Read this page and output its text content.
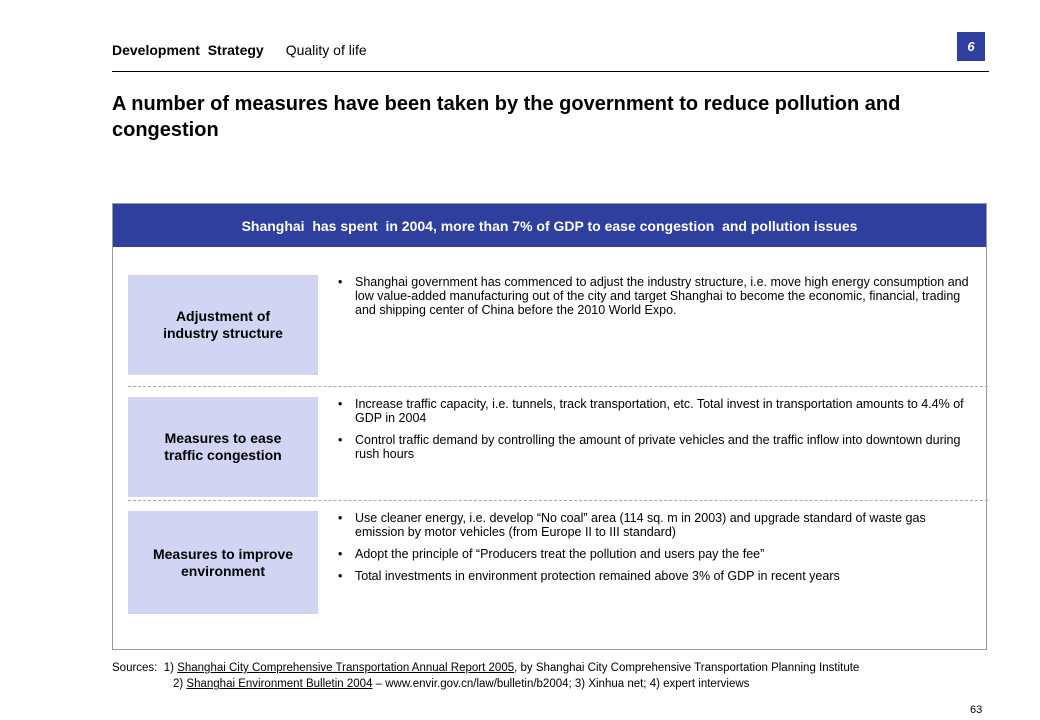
Development  Strategy Quality of life	6
A number of measures have been taken by the government to reduce pollution and congestion
Shanghai  has spent  in 2004, more than 7% of GDP to ease congestion  and pollution issues
Adjustment of industry structure
• Shanghai government has commenced to adjust the industry structure, i.e. move high energy consumption and low value-added manufacturing out of the city and target Shanghai to become the economic, financial, trading and shipping center of China before the 2010 World Expo.
Measures to ease traffic congestion
• Increase traffic capacity, i.e. tunnels, track transportation, etc. Total invest in transportation amounts to 4.4% of GDP in 2004
• Control traffic demand by controlling the amount of private vehicles and the traffic inflow into downtown during rush hours
Measures to improve environment
• Use cleaner energy, i.e. develop “No coal” area (114 sq. m in 2003) and upgrade standard of waste gas emission by motor vehicles (from Europe II to III standard)
• Adopt the principle of “Producers treat the pollution and users pay the fee”
• Total investments in environment protection remained above 3% of GDP in recent years
Sources:  1) Shanghai City Comprehensive Transportation Annual Report 2005, by Shanghai City Comprehensive Transportation Planning Institute
2) Shanghai Environment Bulletin 2004 – www.envir.gov.cn/law/bulletin/b2004; 3) Xinhua net; 4) expert interviews
63
